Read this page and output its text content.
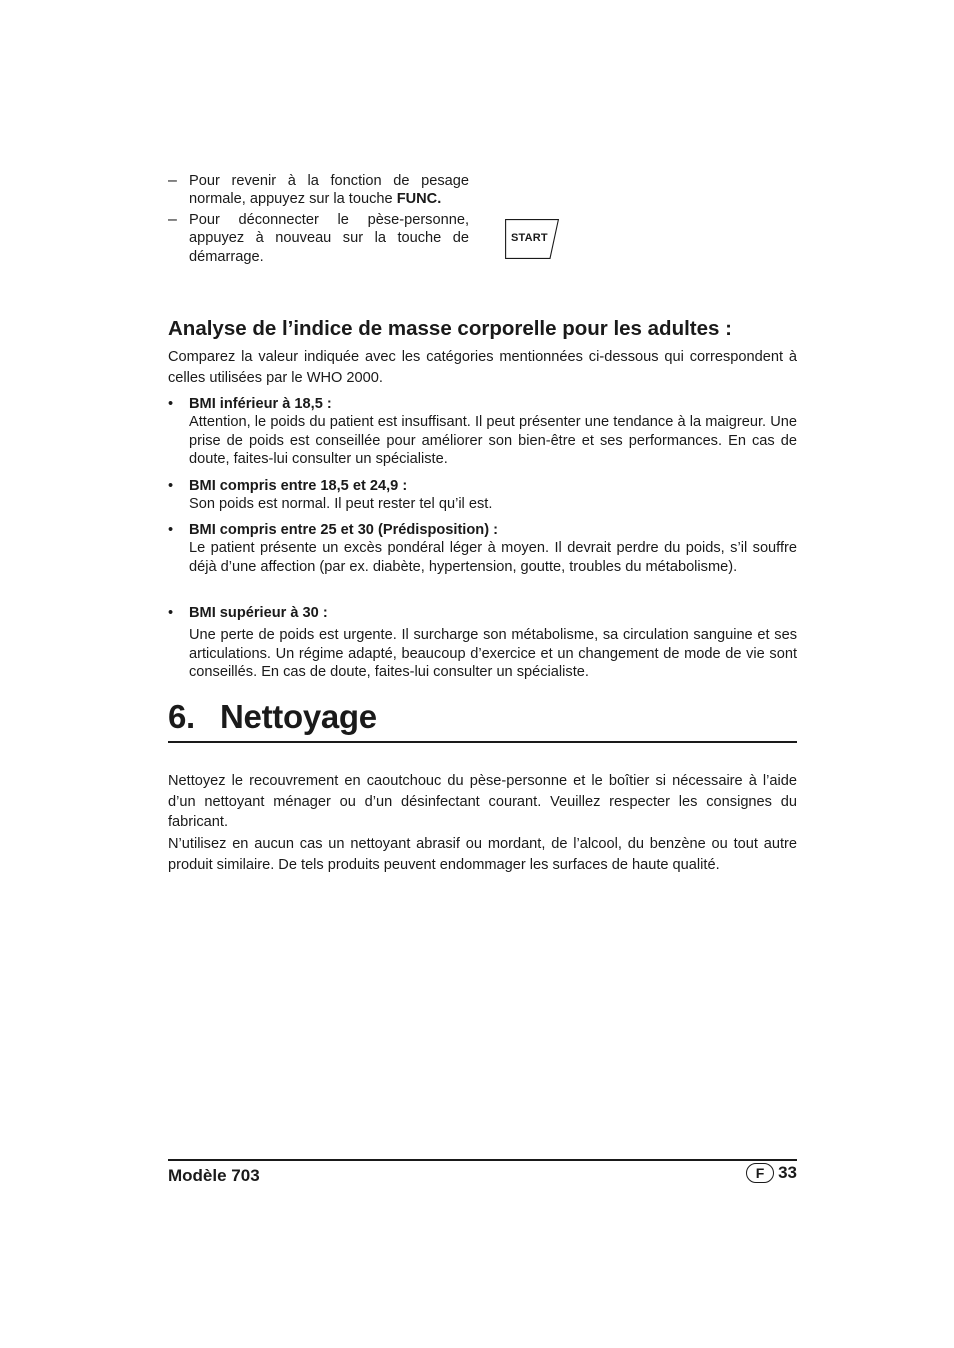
– Pour revenir à la fonction de pesage normale, appuyez sur la touche FUNC.
– Pour déconnecter le pèse-personne, appuyez à nouveau sur la touche de démarrage.
START
Analyse de l’indice de masse corporelle pour les adultes :

Comparez la valeur indiquée avec les catégories mentionnées ci-dessous qui correspondent à celles utilisées par le WHO 2000.

• BMI inférieur à 18,5 :
Attention, le poids du patient est insuffisant. Il peut présenter une tendance à la maigreur. Une prise de poids est conseillée pour améliorer son bien-être et ses performances. En cas de doute, faites-lui consulter un spécialiste.
• BMI compris entre 18,5 et 24,9 :
Son poids est normal. Il peut rester tel qu’il est.
• BMI compris entre 25 et 30 (Prédisposition) :
Le patient présente un excès pondéral léger à moyen. Il devrait perdre du poids, s’il souffre déjà d’une affection (par ex. diabète, hypertension, goutte, troubles du métabolisme).
• BMI supérieur à 30 :
Une perte de poids est urgente. Il surcharge son métabolisme, sa circulation sanguine et ses articulations. Un régime adapté, beaucoup d’exercice et un changement de mode de vie sont conseillés. En cas de doute, faites-lui consulter un spécialiste.
6. Nettoyage

Nettoyez le recouvrement en caoutchouc du pèse-personne et le boîtier si nécessaire à l’aide d’un nettoyant ménager ou d’un désinfectant courant. Veuillez respecter les consignes du fabricant.

N’utilisez en aucun cas un nettoyant abrasif ou mordant, de l’alcool, du benzène ou tout autre produit similaire. De tels produits peuvent endommager les surfaces de haute qualité.

Modèle 703	F 33
